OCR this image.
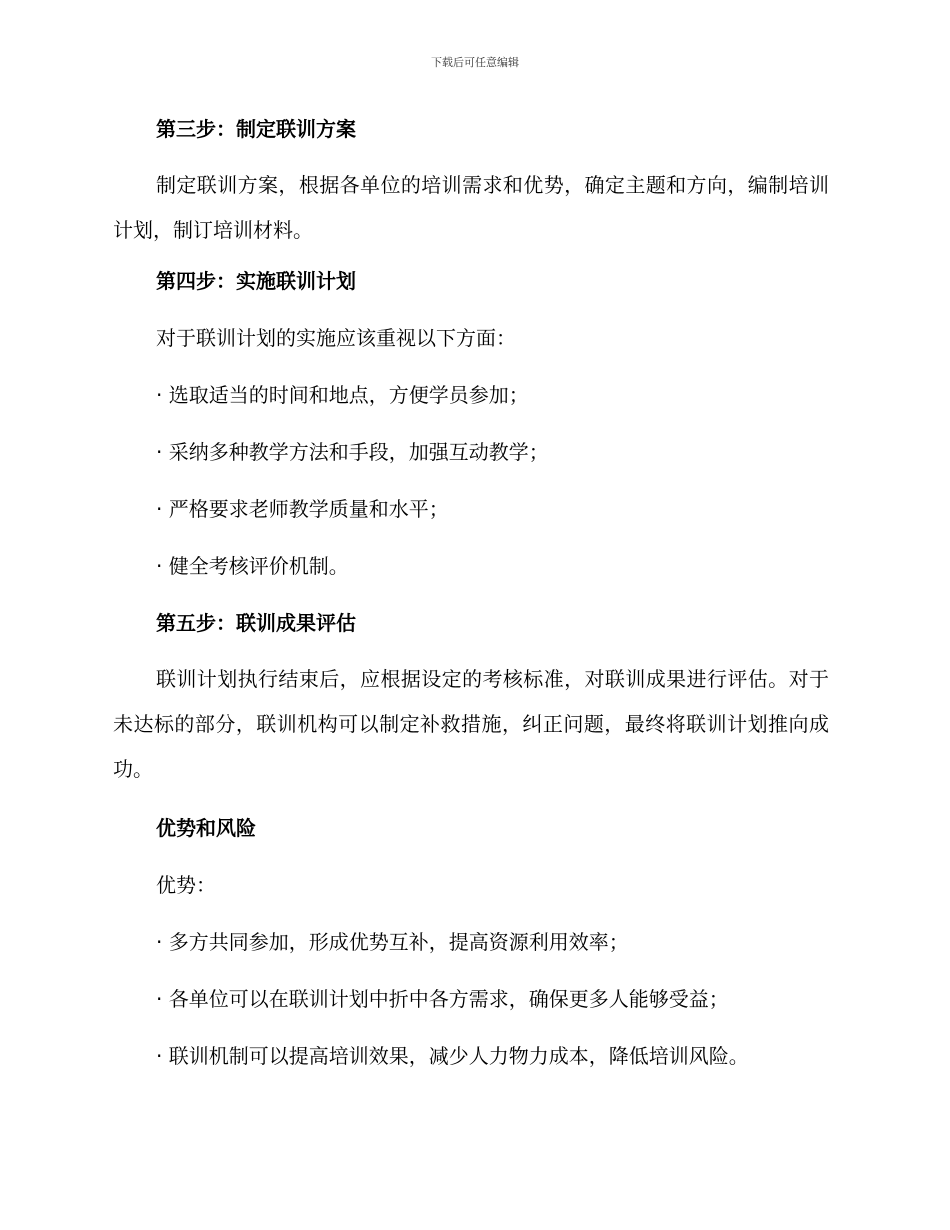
下载后可任意编辑

第三步：制定联训方案

制定联训方案，根据各单位的培训需求和优势，确定主题和方向，编制培训计划，制订培训材料。

第四步：实施联训计划

对于联训计划的实施应该重视以下方面：

· 选取适当的时间和地点，方便学员参加；

· 采纳多种教学方法和手段，加强互动教学；

· 严格要求老师教学质量和水平；

· 健全考核评价机制。

第五步：联训成果评估

联训计划执行结束后，应根据设定的考核标准，对联训成果进行评估。对于未达标的部分，联训机构可以制定补救措施，纠正问题，最终将联训计划推向成功。

优势和风险

优势：

· 多方共同参加，形成优势互补，提高资源利用效率；

· 各单位可以在联训计划中折中各方需求，确保更多人能够受益；

· 联训机制可以提高培训效果，减少人力物力成本，降低培训风险。
